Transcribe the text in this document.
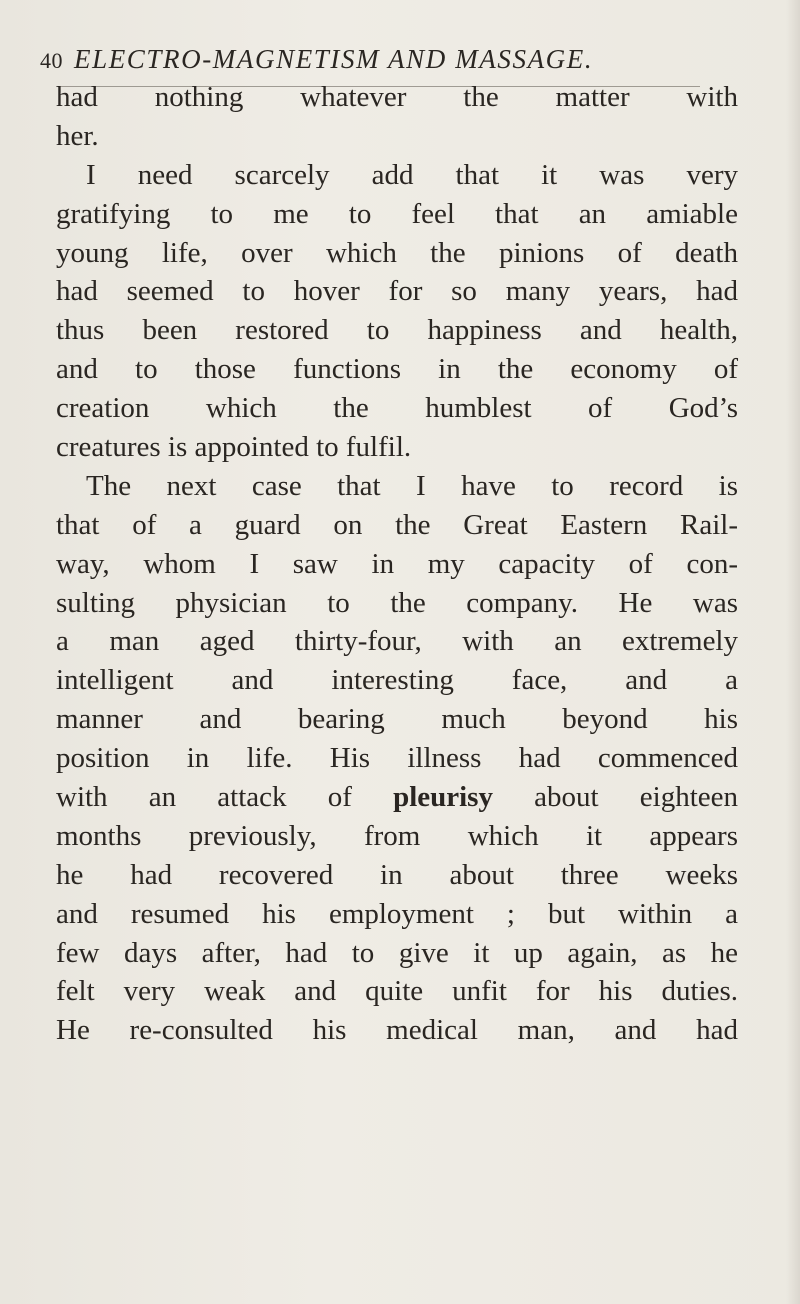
40 ELECTRO-MAGNETISM AND MASSAGE.
had nothing whatever the matter with
her.
I need scarcely add that it was very
gratifying to me to feel that an amiable
young life, over which the pinions of death
had seemed to hover for so many years, had
thus been restored to happiness and health,
and to those functions in the economy of
creation which the humblest of God’s
creatures is appointed to fulfil.
The next case that I have to record is
that of a guard on the Great Eastern Rail-
way, whom I saw in my capacity of con-
sulting physician to the company. He was
a man aged thirty-four, with an extremely
intelligent and interesting face, and a
manner and bearing much beyond his
position in life. His illness had commenced
with an attack of pleurisy about eighteen
months previously, from which it appears
he had recovered in about three weeks
and resumed his employment ; but within a
few days after, had to give it up again, as he
felt very weak and quite unfit for his duties.
He re-consulted his medical man, and had
